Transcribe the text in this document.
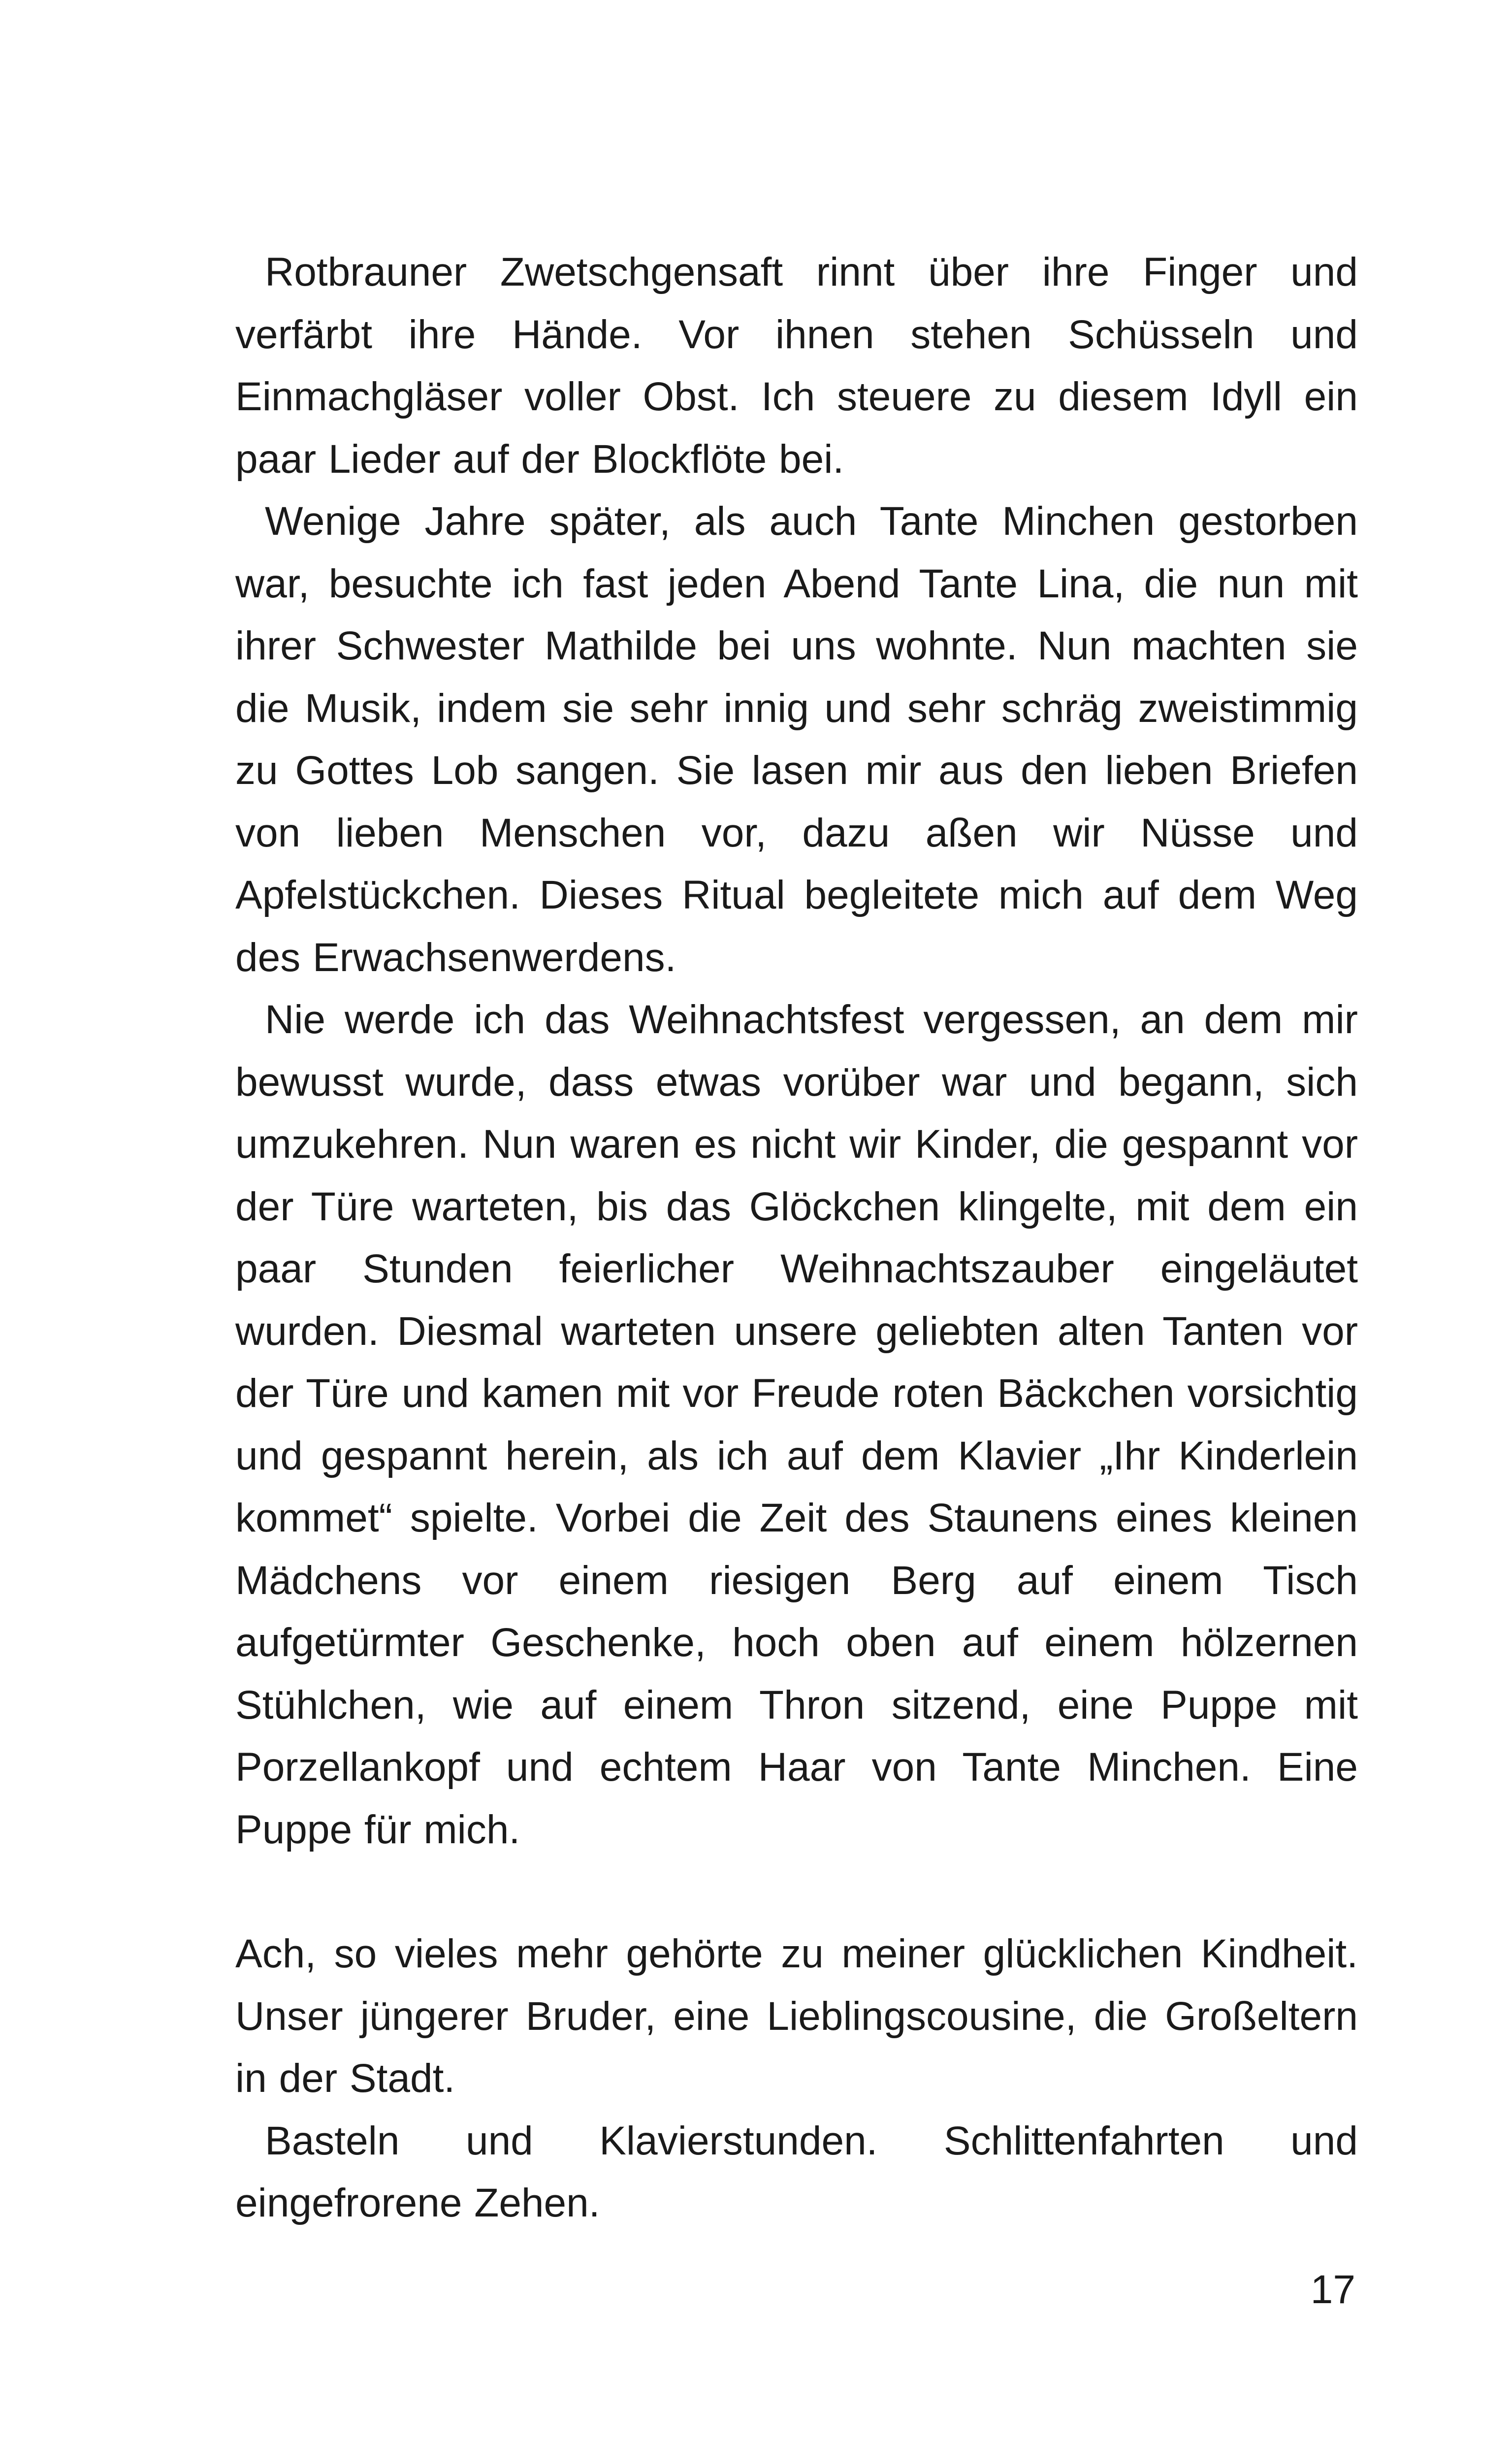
Rotbrauner Zwetschgensaft rinnt über ihre Finger und verfärbt ihre Hände. Vor ihnen stehen Schüsseln und Einmachgläser voller Obst. Ich steuere zu diesem Idyll ein paar Lieder auf der Blockflöte bei.

Wenige Jahre später, als auch Tante Minchen gestorben war, besuchte ich fast jeden Abend Tante Lina, die nun mit ihrer Schwester Mathilde bei uns wohnte. Nun machten sie die Musik, indem sie sehr innig und sehr schräg zweistimmig zu Gottes Lob sangen. Sie lasen mir aus den lieben Briefen von lieben Menschen vor, dazu aßen wir Nüsse und Apfelstückchen. Dieses Ritual begleitete mich auf dem Weg des Erwachsenwerdens.

Nie werde ich das Weihnachtsfest vergessen, an dem mir bewusst wurde, dass etwas vorüber war und begann, sich umzukehren. Nun waren es nicht wir Kinder, die gespannt vor der Türe warteten, bis das Glöckchen klingelte, mit dem ein paar Stunden feierlicher Weihnachtszauber eingeläutet wurden. Diesmal warteten unsere geliebten alten Tanten vor der Türe und kamen mit vor Freude roten Bäckchen vorsichtig und gespannt herein, als ich auf dem Klavier „Ihr Kinderlein kommet“ spielte. Vorbei die Zeit des Staunens eines kleinen Mädchens vor einem riesigen Berg auf einem Tisch aufgetürmter Geschenke, hoch oben auf einem hölzernen Stühlchen, wie auf einem Thron sitzend, eine Puppe mit Porzellankopf und echtem Haar von Tante Minchen. Eine Puppe für mich.

Ach, so vieles mehr gehörte zu meiner glücklichen Kindheit. Unser jüngerer Bruder, eine Lieblingscousine, die Großeltern in der Stadt.

Basteln und Klavierstunden. Schlittenfahrten und eingefrorene Zehen.

17
